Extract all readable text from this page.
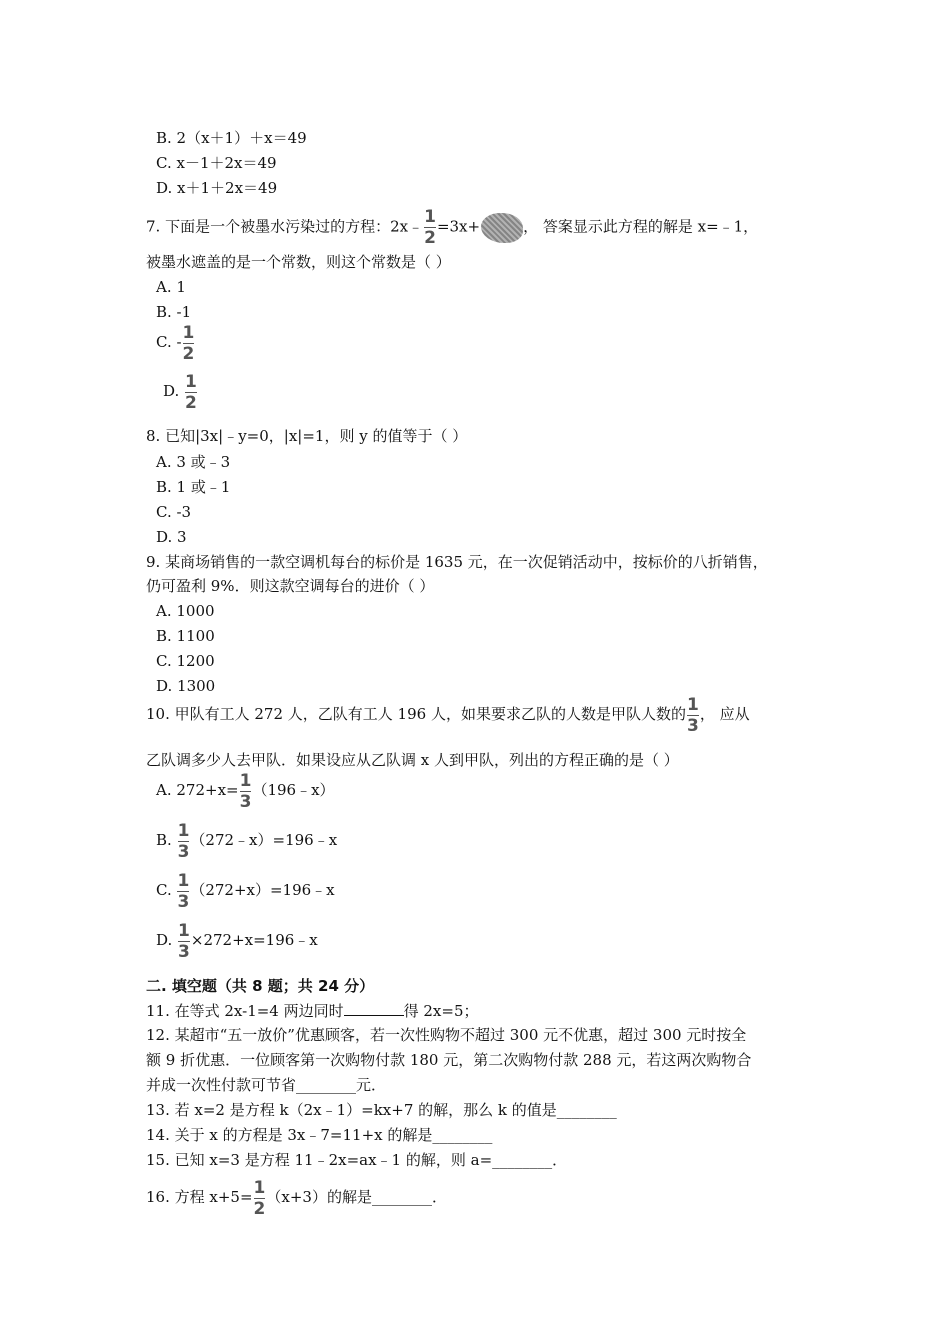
B. 2（x＋1）＋x＝49
C. x－1＋2x＝49
D. x＋1＋2x＝49
7. 下面是一个被墨水污染过的方程：2x﹣ $\frac{1}{2} =3x+$	， 答案显示此方程的解是 x=﹣1，
被墨水遮盖的是一个常数，则这个常数是（ ）
A. 1
B. -1
C. - $\frac{1}{2}$
D. $\frac{1}{2}$
8. 已知|3x|﹣y=0，|x|=1，则 y 的值等于（ ）
A. 3 或﹣3
B. 1 或﹣1
C. -3
D. 3
9. 某商场销售的一款空调机每台的标价是 1635 元，在一次促销活动中，按标价的八折销售，
仍可盈利 9%．则这款空调每台的进价（ ）
A. 1000
B. 1100
C. 1200
D. 1300
10. 甲队有工人 272 人，乙队有工人 196 人，如果要求乙队的人数是甲队人数的 $\frac{1}{3}$ ， 应从
乙队调多少人去甲队．如果设应从乙队调 x 人到甲队，列出的方程正确的是（ ）
A. $272+x= \frac{1}{3}$ （196﹣x）
B. $\frac{1}{3}$ （272﹣x）=196﹣x
C. $\frac{1}{3}$ （272+x）=196﹣x
D. $\frac{1}{3}$ ×272+x=196﹣x
二. 填空题（共 8 题；共 24 分）
11. 在等式 2x-1=4 两边同时	得 2x=5；
12. 某超市“五一放价”优惠顾客，若一次性购物不超过 300 元不优惠，超过 300 元时按全
额 9 折优惠．一位顾客第一次购物付款 180 元，第二次购物付款 288 元，若这两次购物合
并成一次性付款可节省________元．
13. 若 x=2 是方程 k（2x﹣1）=kx+7 的解，那么 k 的值是________
14. 关于 x 的方程是 3x﹣7=11+x 的解是________
15. 已知 x=3 是方程 11﹣2x=ax﹣1 的解，则 a=________．
16. 方程 $x+5= \frac{1}{2} (x+3)$的解是________．
